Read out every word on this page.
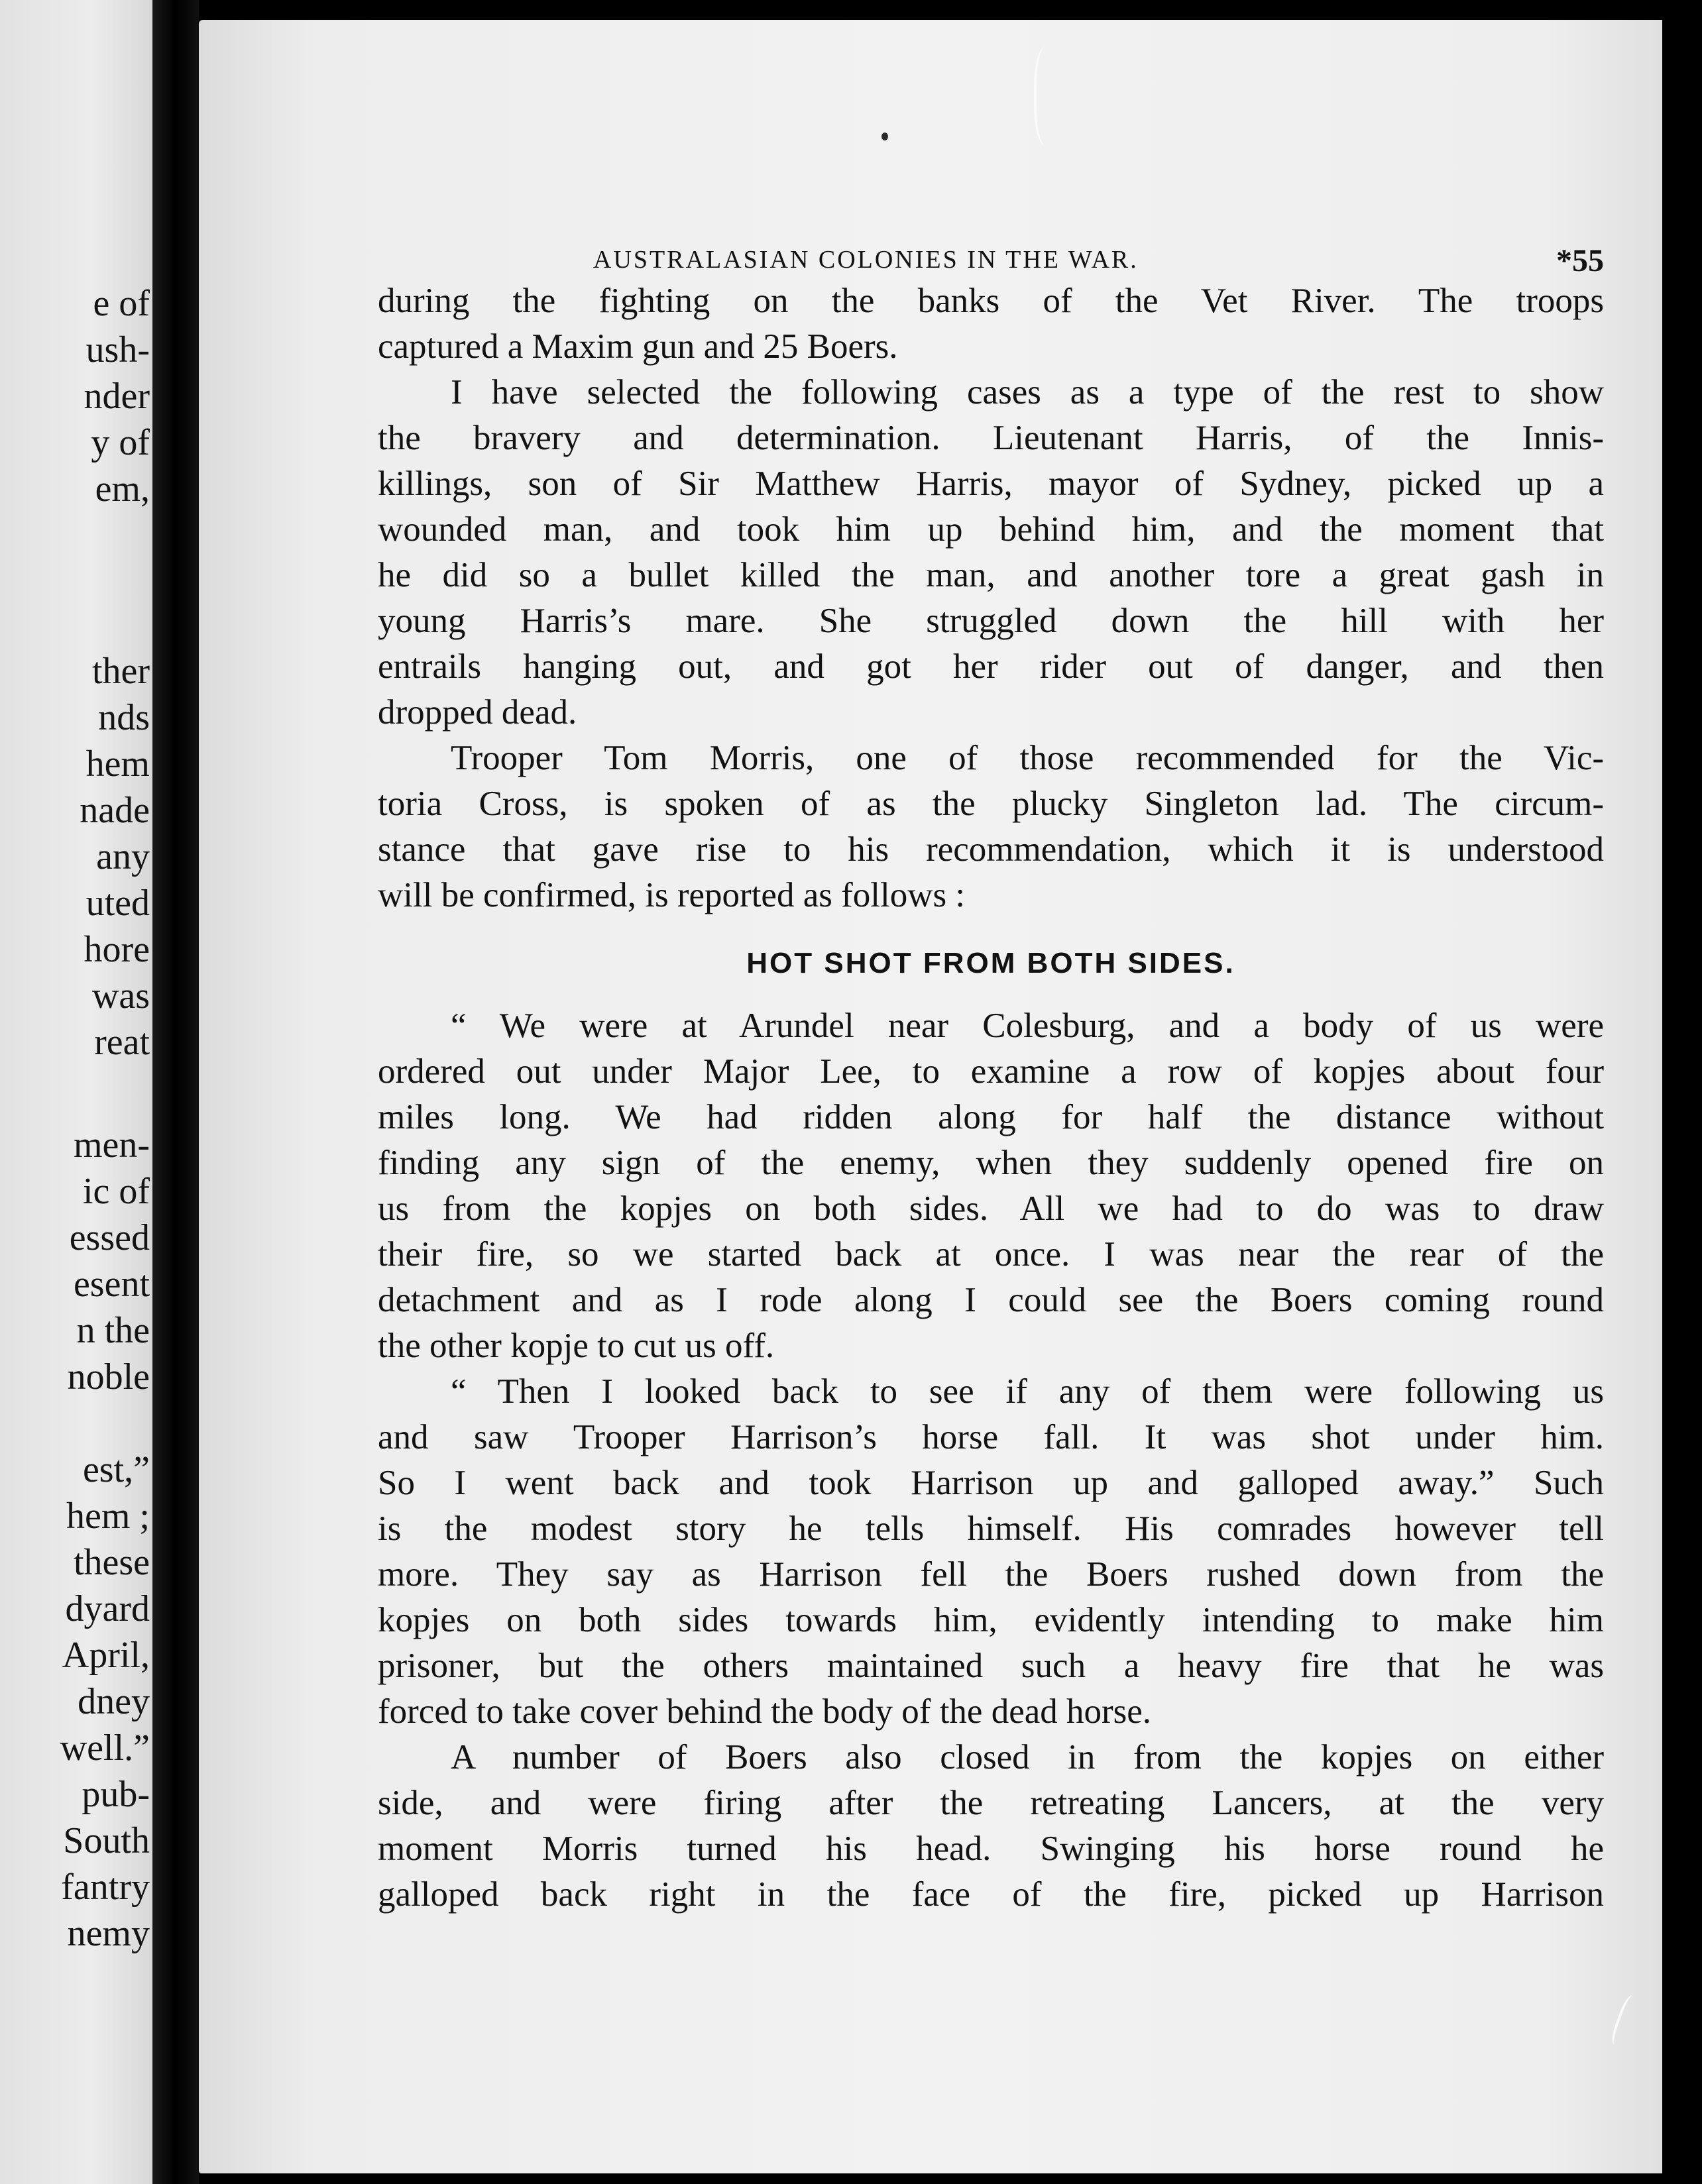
e of
ush-
nder
y of
em,
ther
nds
hem
nade
any
uted
hore
was
reat
men-
ic of
essed
esent
n the
noble
est,”
hem ;
these
dyard
April,
dney
well.”
pub-
South
fantry
nemy
AUSTRALASIAN COLONIES IN THE WAR.	*55
during the fighting on the banks of the Vet River. The troops
captured a Maxim gun and 25 Boers.
I have selected the following cases as a type of the rest to show
the bravery and determination. Lieutenant Harris, of the Innis-
killings, son of Sir Matthew Harris, mayor of Sydney, picked up a
wounded man, and took him up behind him, and the moment that
he did so a bullet killed the man, and another tore a great gash in
young Harris’s mare. She struggled down the hill with her
entrails hanging out, and got her rider out of danger, and then
dropped dead.
Trooper Tom Morris, one of those recommended for the Vic-
toria Cross, is spoken of as the plucky Singleton lad. The circum-
stance that gave rise to his recommendation, which it is understood
will be confirmed, is reported as follows :
HOT SHOT FROM BOTH SIDES.
“ We were at Arundel near Colesburg, and a body of us were
ordered out under Major Lee, to examine a row of kopjes about four
miles long. We had ridden along for half the distance without
finding any sign of the enemy, when they suddenly opened fire on
us from the kopjes on both sides. All we had to do was to draw
their fire, so we started back at once. I was near the rear of the
detachment and as I rode along I could see the Boers coming round
the other kopje to cut us off.
“ Then I looked back to see if any of them were following us
and saw Trooper Harrison’s horse fall. It was shot under him.
So I went back and took Harrison up and galloped away.” Such
is the modest story he tells himself. His comrades however tell
more. They say as Harrison fell the Boers rushed down from the
kopjes on both sides towards him, evidently intending to make him
prisoner, but the others maintained such a heavy fire that he was
forced to take cover behind the body of the dead horse.
A number of Boers also closed in from the kopjes on either
side, and were firing after the retreating Lancers, at the very
moment Morris turned his head. Swinging his horse round he
galloped back right in the face of the fire, picked up Harrison
